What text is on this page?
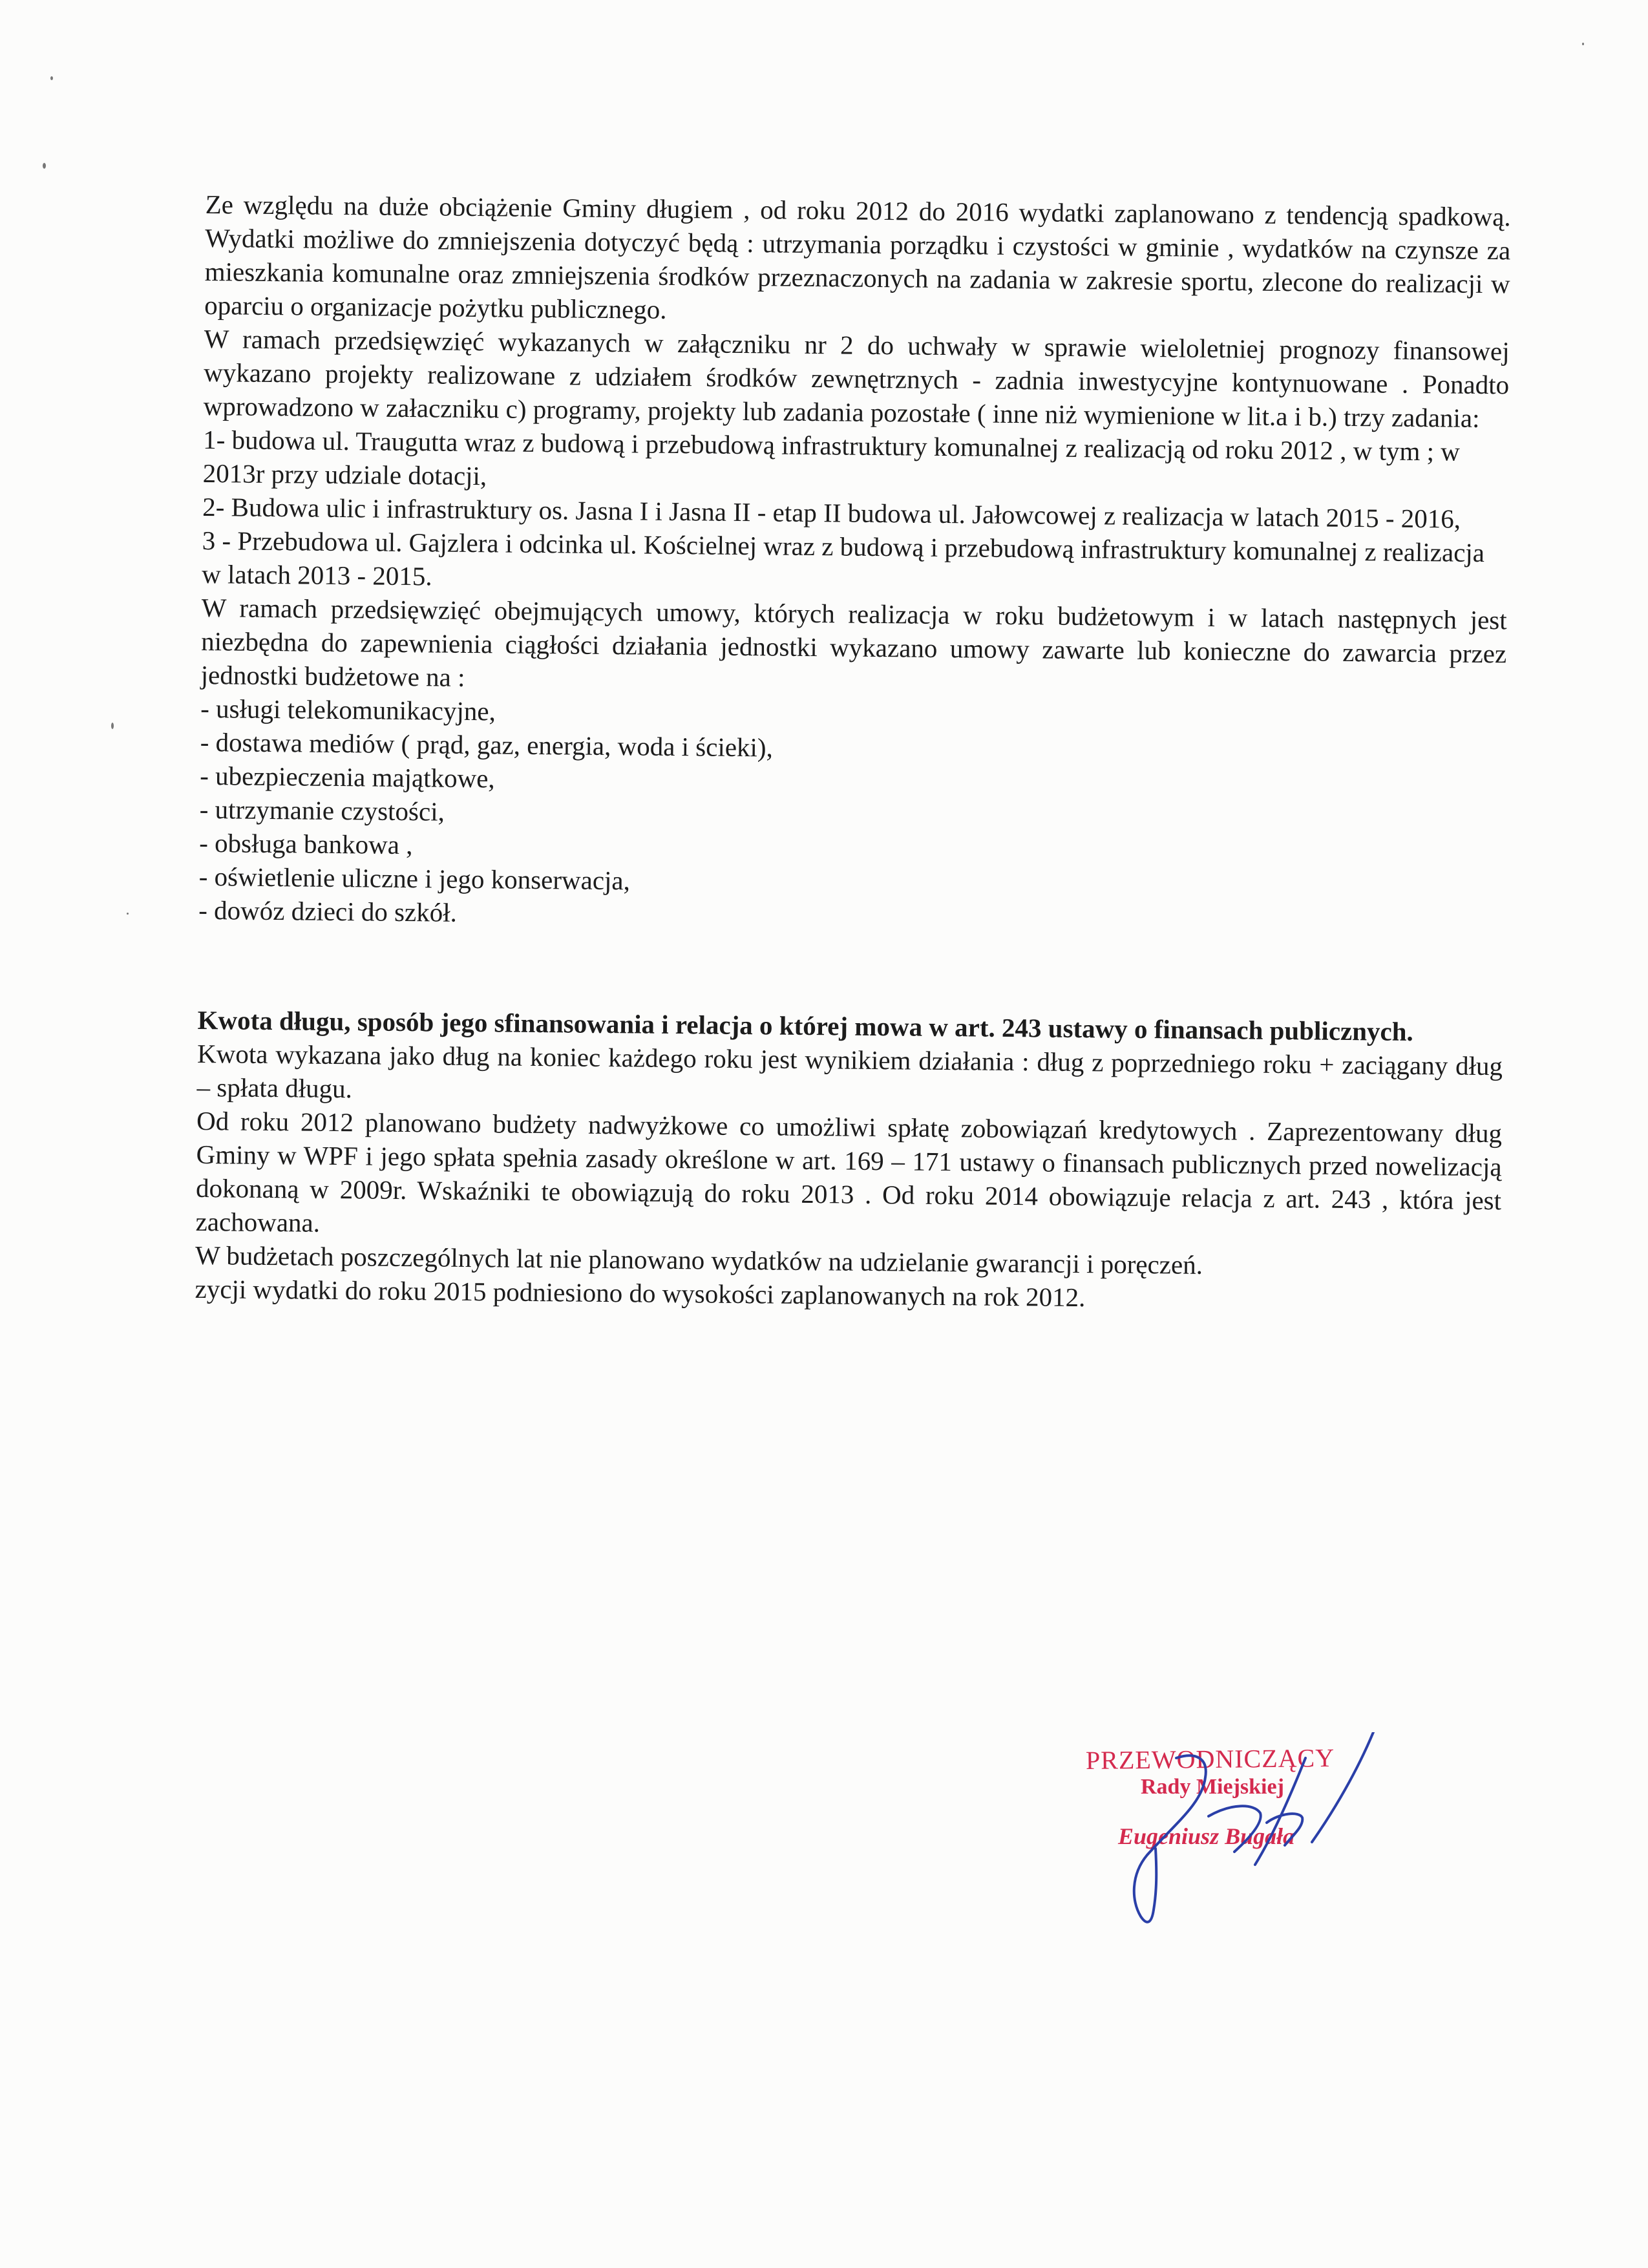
Ze względu na duże obciążenie Gminy długiem , od roku 2012 do 2016 wydatki zaplanowano z tendencją spadkową. Wydatki możliwe do zmniejszenia dotyczyć będą : utrzymania porządku i czystości w gminie , wydatków na czynsze za mieszkania komunalne oraz zmniejszenia środków przeznaczonych na zadania w zakresie sportu, zlecone do realizacji w oparciu o organizacje pożytku publicznego.

W ramach przedsięwzięć wykazanych w załączniku nr 2 do uchwały w sprawie wieloletniej prognozy finansowej wykazano projekty realizowane z udziałem środków zewnętrznych - zadnia inwestycyjne kontynuowane . Ponadto wprowadzono w załaczniku c) programy, projekty lub zadania pozostałe ( inne niż wymienione w lit.a i b.) trzy zadania:

1- budowa ul. Traugutta wraz z budową i przebudową infrastruktury komunalnej z realizacją od roku 2012 , w tym ; w 2013r przy udziale dotacji,

2- Budowa ulic i infrastruktury os. Jasna I i Jasna II - etap II budowa ul. Jałowcowej z realizacja w latach 2015 - 2016,

3 - Przebudowa ul. Gajzlera i odcinka ul. Kościelnej wraz z budową i przebudową infrastruktury komunalnej z realizacja w latach 2013 - 2015.

W ramach przedsięwzięć obejmujących umowy, których realizacja w roku budżetowym i w latach następnych jest niezbędna do zapewnienia ciągłości działania jednostki wykazano umowy zawarte lub konieczne do zawarcia przez jednostki budżetowe na :

- usługi telekomunikacyjne,

- dostawa mediów ( prąd, gaz, energia, woda i ścieki),

- ubezpieczenia majątkowe,

- utrzymanie czystości,

- obsługa bankowa ,

- oświetlenie uliczne i jego konserwacja,

- dowóz dzieci do szkół.

Kwota długu, sposób jego sfinansowania i relacja o której mowa w art. 243 ustawy o finansach publicznych.

Kwota wykazana jako dług na koniec każdego roku jest wynikiem działania : dług z poprzedniego roku + zaciągany dług – spłata długu.

Od roku 2012 planowano budżety nadwyżkowe co umożliwi spłatę zobowiązań kredytowych . Zaprezentowany dług Gminy w WPF i jego spłata spełnia zasady określone w art. 169 – 171 ustawy o finansach publicznych przed nowelizacją dokonaną w 2009r. Wskaźniki te obowiązują do roku 2013 . Od roku 2014 obowiązuje relacja z art. 243 , która jest zachowana.

W budżetach poszczególnych lat nie planowano wydatków na udzielanie gwarancji i poręczeń.

zycji wydatki do roku 2015 podniesiono do wysokości zaplanowanych na rok 2012.

PRZEWODNICZĄCY
Rady Miejskiej
Eugeniusz Bugała
